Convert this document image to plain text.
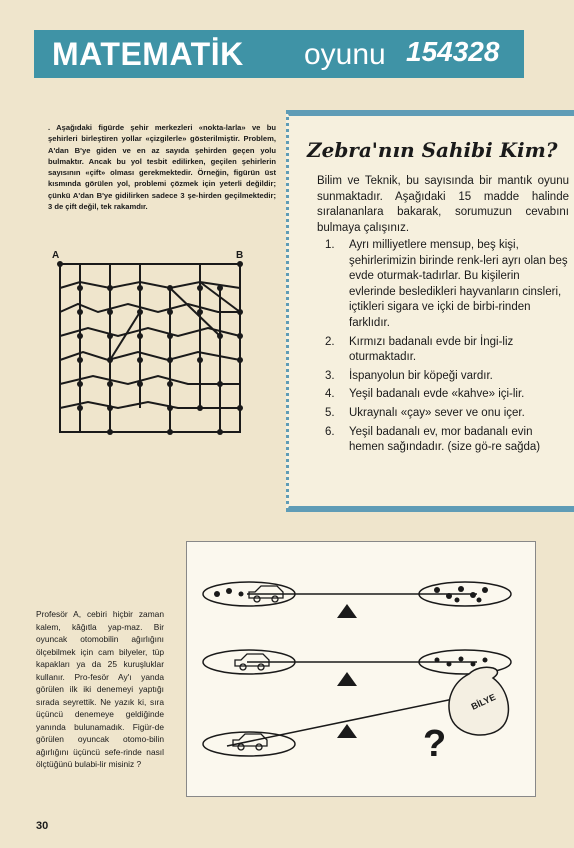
MATEMATİK oyunu 154328
. Aşağıdaki figürde şehir merkezleri «nokta-larla» ve bu şehirleri birleştiren yollar «çizgilerle» gösterilmiştir. Problem, A'dan B'ye giden ve en az sayıda şehirden geçen yolu bulmaktır. Ancak bu yol tesbit edilirken, geçilen şehirlerin sayısının «çift» olması gerekmektedir. Örneğin, figürün üst kısmında görülen yol, problemi çözmek için yeterli değildir; çünkü A'dan B'ye gidilirken sadece 3 şe-hirden geçilmektedir; 3 de çift değil, tek rakamdır.
A	B
Zebra'nın Sahibi Kim?
Bilim ve Teknik, bu sayısında bir mantık oyunu sunmaktadır. Aşağıdaki 15 madde halinde sıralananlara bakarak, sorumuzun cevabını bulmaya çalışınız.
1. Ayrı milliyetlere mensup, beş kişi, şehirlerimizin birinde renk-leri ayrı olan beş evde oturmak-tadırlar. Bu kişilerin evlerinde besledikleri hayvanların cinsleri, içtikleri sigara ve içki de birbi-rinden farklıdır.
2. Kırmızı badanalı evde bir İngi-liz oturmaktadır.
3. İspanyolun bir köpeği vardır.
4. Yeşil badanalı evde «kahve» içi-lir.
5. Ukraynalı «çay» sever ve onu içer.
6. Yeşil badanalı ev, mor badanalı evin hemen sağındadır. (size gö-re sağda)
Profesör A, cebiri hiçbir zaman kalem, kâğıtla yap-maz. Bir oyuncak otomobilin ağırlığını ölçebilmek için cam bilyeler, tüp kapakları ya da 25 kuruşluklar kullanır. Pro-fesör Ay'ı yanda görülen ilk iki denemeyi yaptığı sırada seyrettik. Ne yazık ki, sıra üçüncü denemeye geldiğinde yanında bulunamadık. Figür-de görülen oyuncak otomo-bilin ağırlığını üçüncü sefe-rinde nasıl ölçtüğünü bulabi-lir misiniz ?
BİLYE
?
30
